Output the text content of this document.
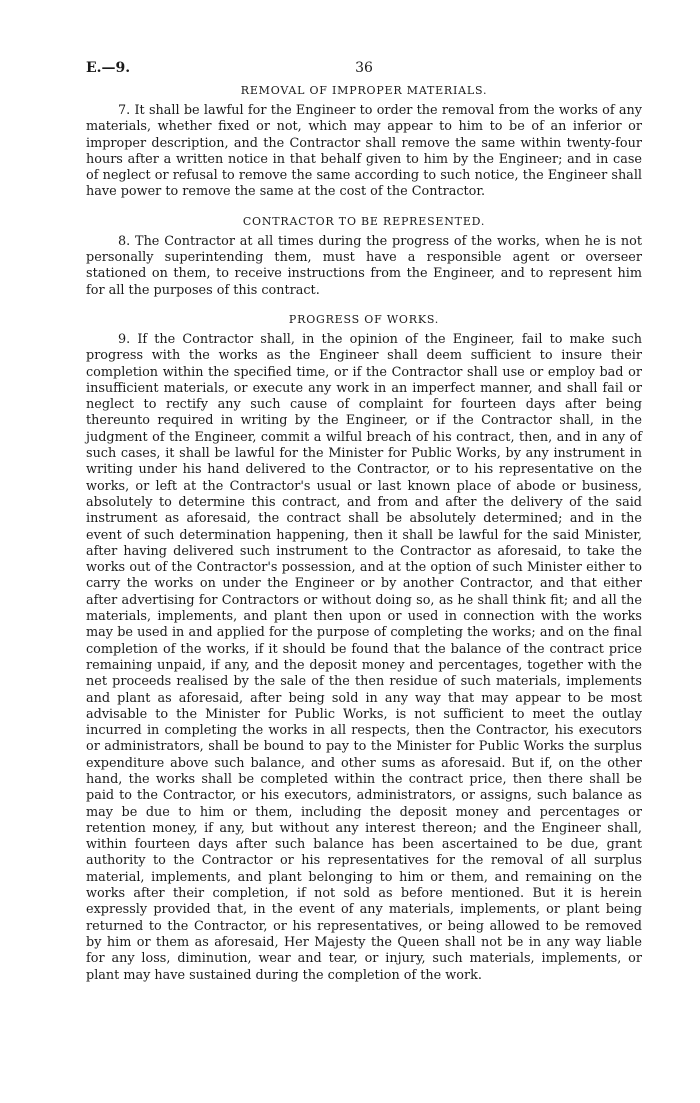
E.—9.	36
REMOVAL OF IMPROPER MATERIALS.

7. It shall be lawful for the Engineer to order the removal from the works of any materials, whether fixed or not, which may appear to him to be of an inferior or improper description, and the Contractor shall remove the same within twenty-four hours after a written notice in that behalf given to him by the Engineer; and in case of neglect or refusal to remove the same according to such notice, the Engineer shall have power to remove the same at the cost of the Contractor.

CONTRACTOR TO BE REPRESENTED.

8. The Contractor at all times during the progress of the works, when he is not personally superintending them, must have a responsible agent or overseer stationed on them, to receive instructions from the Engineer, and to represent him for all the purposes of this contract.

PROGRESS OF WORKS.

9. If the Contractor shall, in the opinion of the Engineer, fail to make such progress with the works as the Engineer shall deem sufficient to insure their completion within the specified time, or if the Contractor shall use or employ bad or insufficient materials, or execute any work in an imperfect manner, and shall fail or neglect to rectify any such cause of complaint for fourteen days after being thereunto required in writing by the Engineer, or if the Contractor shall, in the judgment of the Engineer, commit a wilful breach of his contract, then, and in any of such cases, it shall be lawful for the Minister for Public Works, by any instrument in writing under his hand delivered to the Contractor, or to his representative on the works, or left at the Contractor's usual or last known place of abode or business, absolutely to determine this contract, and from and after the delivery of the said instrument as aforesaid, the contract shall be absolutely determined; and in the event of such determination happening, then it shall be lawful for the said Minister, after having delivered such instrument to the Contractor as aforesaid, to take the works out of the Contractor's possession, and at the option of such Minister either to carry the works on under the Engineer or by another Contractor, and that either after advertising for Contractors or without doing so, as he shall think fit; and all the materials, implements, and plant then upon or used in connection with the works may be used in and applied for the purpose of completing the works; and on the final completion of the works, if it should be found that the balance of the contract price remaining unpaid, if any, and the deposit money and percentages, together with the net proceeds realised by the sale of the then residue of such materials, implements and plant as aforesaid, after being sold in any way that may appear to be most advisable to the Minister for Public Works, is not sufficient to meet the outlay incurred in completing the works in all respects, then the Contractor, his executors or administrators, shall be bound to pay to the Minister for Public Works the surplus expenditure above such balance, and other sums as aforesaid. But if, on the other hand, the works shall be completed within the contract price, then there shall be paid to the Contractor, or his executors, administrators, or assigns, such balance as may be due to him or them, including the deposit money and percentages or retention money, if any, but without any interest thereon; and the Engineer shall, within fourteen days after such balance has been ascertained to be due, grant authority to the Contractor or his representatives for the removal of all surplus material, implements, and plant belonging to him or them, and remaining on the works after their completion, if not sold as before mentioned. But it is herein expressly provided that, in the event of any materials, implements, or plant being returned to the Contractor, or his representatives, or being allowed to be removed by him or them as aforesaid, Her Majesty the Queen shall not be in any way liable for any loss, diminution, wear and tear, or injury, such materials, implements, or plant may have sustained during the completion of the work.
